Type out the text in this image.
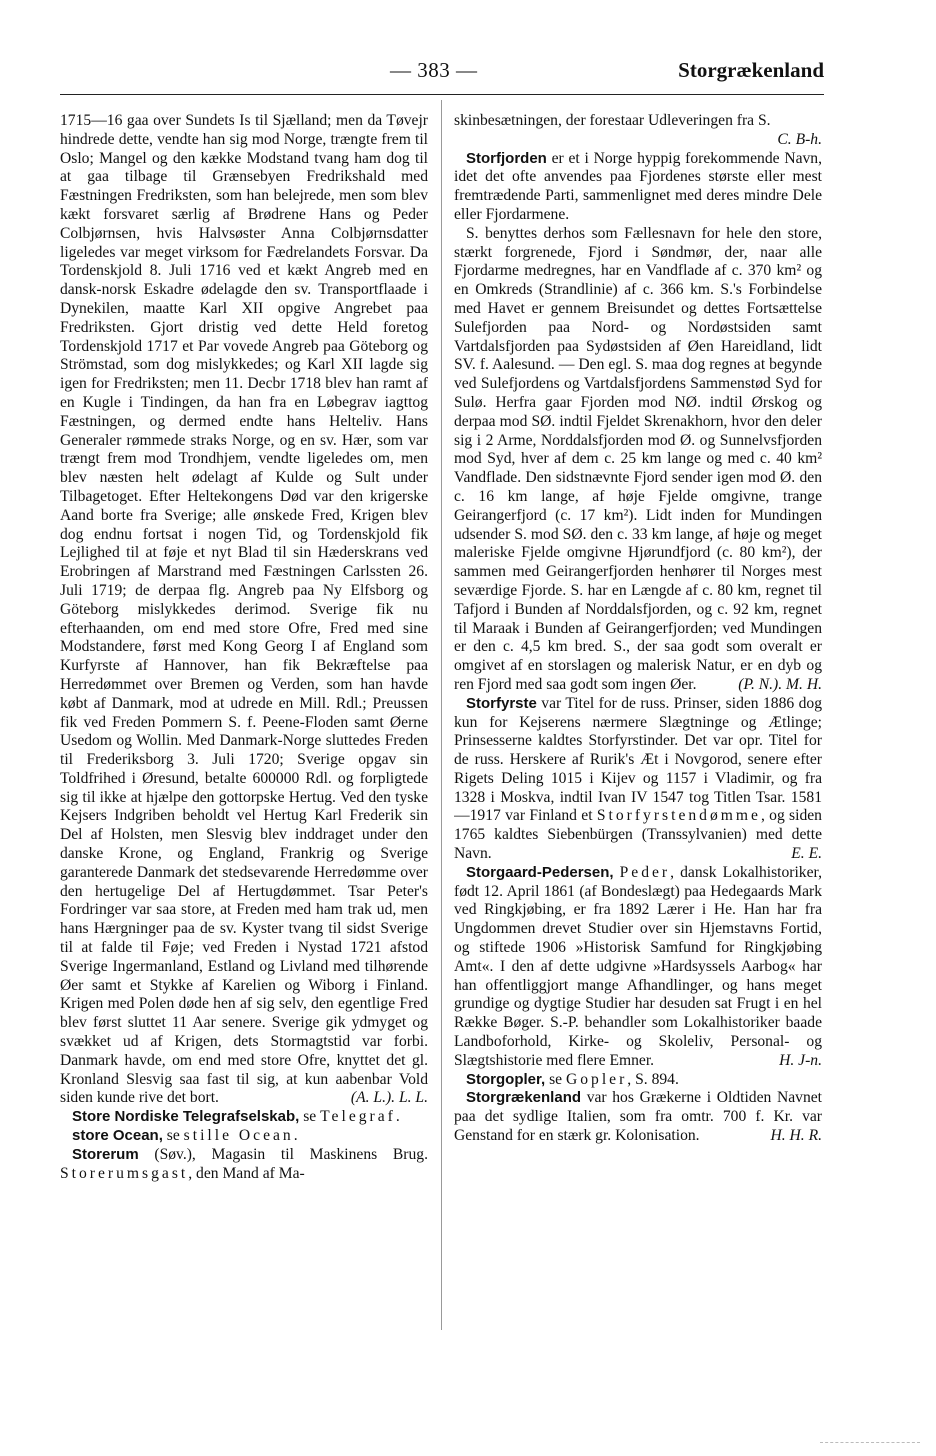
— 383 —	Storgrækenland

1715—16 gaa over Sundets Is til Sjælland; men da Tøvejr hindrede dette, vendte han sig mod Norge, trængte frem til Oslo; Mangel og den kække Modstand tvang ham dog til at gaa tilbage til Grænsebyen Fredrikshald med Fæstningen Fredriksten, som han belejrede, men som blev kækt forsvaret særlig af Brødrene Hans og Peder Colbjørnsen, hvis Halvsøster Anna Colbjørnsdatter ligeledes var meget virksom for Fædrelandets Forsvar. Da Tordenskjold 8. Juli 1716 ved et kækt Angreb med en dansk-norsk Eskadre ødelagde den sv. Transportflaade i Dynekilen, maatte Karl XII opgive Angrebet paa Fredriksten. Gjort dristig ved dette Held foretog Tordenskjold 1717 et Par vovede Angreb paa Göteborg og Strömstad, som dog mislykkedes; og Karl XII lagde sig igen for Fredriksten; men 11. Decbr 1718 blev han ramt af en Kugle i Tindingen, da han fra en Løbegrav iagttog Fæstningen, og dermed endte hans Helteliv. Hans Generaler rømmede straks Norge, og en sv. Hær, som var trængt frem mod Trondhjem, vendte ligeledes om, men blev næsten helt ødelagt af Kulde og Sult under Tilbagetoget. Efter Heltekongens Død var den krigerske Aand borte fra Sverige; alle ønskede Fred, Krigen blev dog endnu fortsat i nogen Tid, og Tordenskjold fik Lejlighed til at føje et nyt Blad til sin Hæderskrans ved Erobringen af Marstrand med Fæstningen Carlssten 26. Juli 1719; de derpaa flg. Angreb paa Ny Elfsborg og Göteborg mislykkedes derimod. Sverige fik nu efterhaanden, om end med store Ofre, Fred med sine Modstandere, først med Kong Georg I af England som Kurfyrste af Hannover, han fik Bekræftelse paa Herredømmet over Bremen og Verden, som han havde købt af Danmark, mod at udrede en Mill. Rdl.; Preussen fik ved Freden Pommern S. f. Peene-Floden samt Øerne Usedom og Wollin. Med Danmark-Norge sluttedes Freden til Frederiksborg 3. Juli 1720; Sverige opgav sin Toldfrihed i Øresund, betalte 600000 Rdl. og forpligtede sig til ikke at hjælpe den gottorpske Hertug. Ved den tyske Kejsers Indgriben beholdt vel Hertug Karl Frederik sin Del af Holsten, men Slesvig blev inddraget under den danske Krone, og England, Frankrig og Sverige garanterede Danmark det stedsevarende Herredømme over den hertugelige Del af Hertugdømmet. Tsar Peter's Fordringer var saa store, at Freden med ham trak ud, men hans Hærgninger paa de sv. Kyster tvang til sidst Sverige til at falde til Føje; ved Freden i Nystad 1721 afstod Sverige Ingermanland, Estland og Livland med tilhørende Øer samt et Stykke af Karelien og Wiborg i Finland. Krigen med Polen døde hen af sig selv, den egentlige Fred blev først sluttet 11 Aar senere. Sverige gik ydmyget og svækket ud af Krigen, dets Stormagtstid var forbi. Danmark havde, om end med store Ofre, knyttet det gl. Kronland Slesvig saa fast til sig, at kun aabenbar Vold siden kunde rive det bort.	(A. L.). L. L.

Store Nordiske Telegrafselskab, se Telegraf.

store Ocean, se stille Ocean.

Storerum (Søv.), Magasin til Maskinens Brug. Storerumsgast, den Mand af Ma-

skinbesætningen, der forestaar Udleveringen fra S.
C. B-h.

Storfjorden er et i Norge hyppig forekommende Navn, idet det ofte anvendes paa Fjordenes største eller mest fremtrædende Parti, sammenlignet med deres mindre Dele eller Fjordarmene.

S. benyttes derhos som Fællesnavn for hele den store, stærkt forgrenede, Fjord i Søndmør, der, naar alle Fjordarme medregnes, har en Vandflade af c. 370 km² og en Omkreds (Strandlinie) af c. 366 km. S.'s Forbindelse med Havet er gennem Breisundet og dettes Fortsættelse Sulefjorden paa Nord- og Nordøstsiden samt Vartdalsfjorden paa Sydøstsiden af Øen Hareidland, lidt SV. f. Aalesund. — Den egl. S. maa dog regnes at begynde ved Sulefjordens og Vartdalsfjordens Sammenstød Syd for Sulø. Herfra gaar Fjorden mod NØ. indtil Ørskog og derpaa mod SØ. indtil Fjeldet Skrenakhorn, hvor den deler sig i 2 Arme, Norddalsfjorden mod Ø. og Sunnelvsfjorden mod Syd, hver af dem c. 25 km lange og med c. 40 km² Vandflade. Den sidstnævnte Fjord sender igen mod Ø. den c. 16 km lange, af høje Fjelde omgivne, trange Geirangerfjord (c. 17 km²). Lidt inden for Mundingen udsender S. mod SØ. den c. 33 km lange, af høje og meget maleriske Fjelde omgivne Hjørundfjord (c. 80 km²), der sammen med Geirangerfjorden henhører til Norges mest seværdige Fjorde. S. har en Længde af c. 80 km, regnet til Tafjord i Bunden af Norddalsfjorden, og c. 92 km, regnet til Maraak i Bunden af Geirangerfjorden; ved Mundingen er den c. 4,5 km bred. S., der saa godt som overalt er omgivet af en storslagen og malerisk Natur, er en dyb og ren Fjord med saa godt som ingen Øer.	(P. N.). M. H.

Storfyrste var Titel for de russ. Prinser, siden 1886 dog kun for Kejserens nærmere Slægtninge og Ætlinge; Prinsesserne kaldtes Storfyrstinder. Det var opr. Titel for de russ. Herskere af Rurik's Æt i Novgorod, senere efter Rigets Deling 1015 i Kijev og 1157 i Vladimir, og fra 1328 i Moskva, indtil Ivan IV 1547 tog Titlen Tsar. 1581—1917 var Finland et Storfyrstendømme, og siden 1765 kaldtes Siebenbürgen (Transsylvanien) med dette Navn.	E. E.

Storgaard-Pedersen, Peder, dansk Lokalhistoriker, født 12. April 1861 (af Bondeslægt) paa Hedegaards Mark ved Ringkjøbing, er fra 1892 Lærer i He. Han har fra Ungdommen drevet Studier over sin Hjemstavns Fortid, og stiftede 1906 »Historisk Samfund for Ringkjøbing Amt«. I den af dette udgivne »Hardsyssels Aarbog« har han offentliggjort mange Afhandlinger, og hans meget grundige og dygtige Studier har desuden sat Frugt i en hel Række Bøger. S.-P. behandler som Lokalhistoriker baade Landboforhold, Kirke- og Skoleliv, Personal- og Slægtshistorie med flere Emner.	H. J-n.

Storgopler, se Gopler, S. 894.

Storgrækenland var hos Grækerne i Oldtiden Navnet paa det sydlige Italien, som fra omtr. 700 f. Kr. var Genstand for en stærk gr. Kolonisation.	H. H. R.
